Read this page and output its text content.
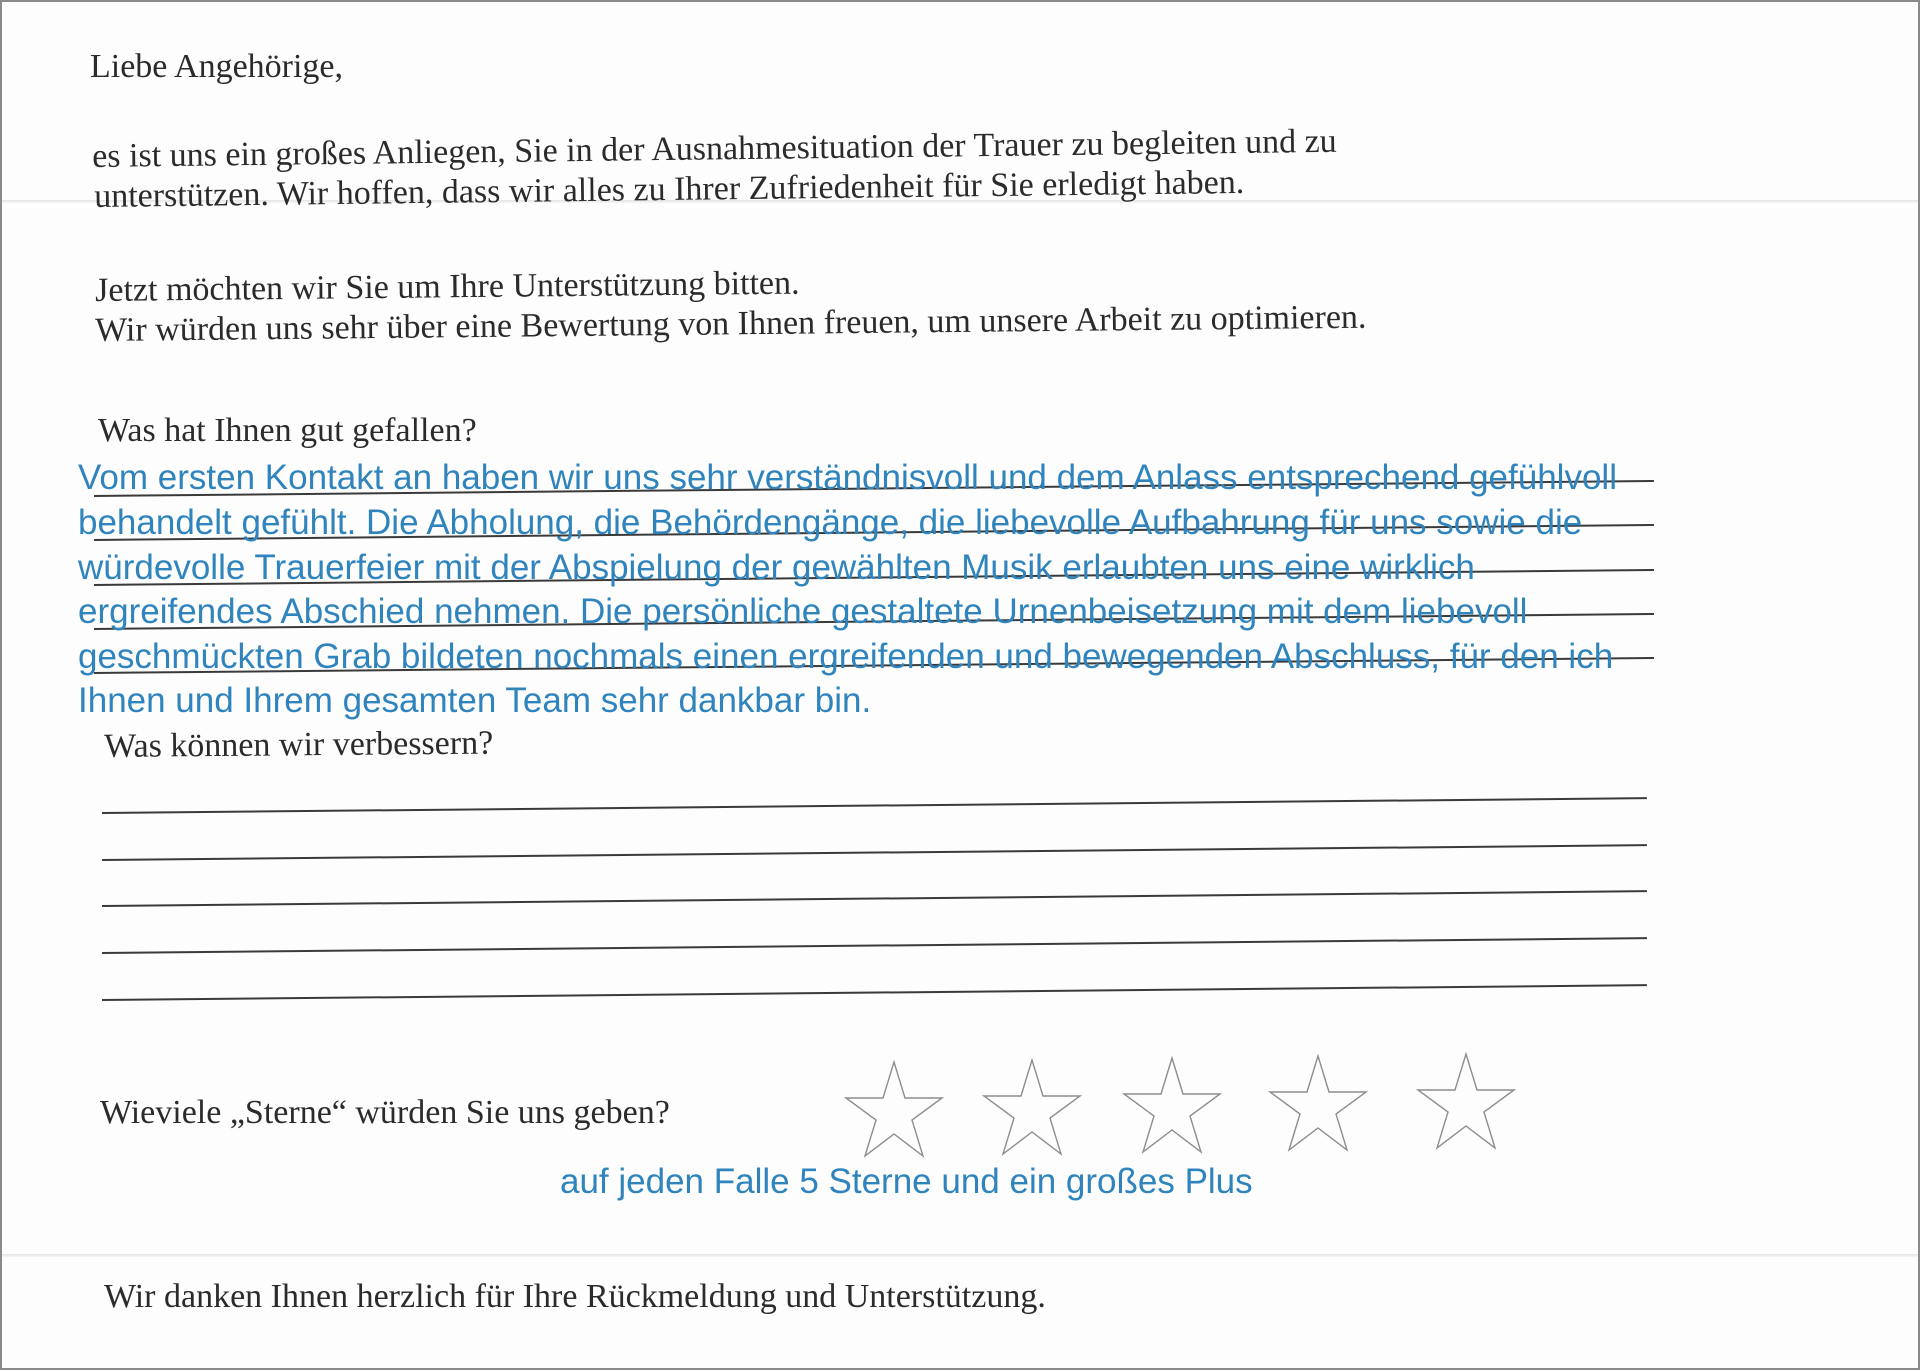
Liebe Angehörige,
es ist uns ein großes Anliegen, Sie in der Ausnahmesituation der Trauer zu begleiten und zu
unterstützen. Wir hoffen, dass wir alles zu Ihrer Zufriedenheit für Sie erledigt haben.
Jetzt möchten wir Sie um Ihre Unterstützung bitten.
Wir würden uns sehr über eine Bewertung von Ihnen freuen, um unsere Arbeit zu optimieren.
Was hat Ihnen gut gefallen?
Vom ersten Kontakt an haben wir uns sehr verständnisvoll und dem Anlass entsprechend gefühlvoll
behandelt gefühlt. Die Abholung, die Behördengänge, die liebevolle Aufbahrung für uns sowie die
würdevolle Trauerfeier mit der Abspielung der gewählten Musik erlaubten uns eine wirklich
ergreifendes Abschied nehmen. Die persönliche gestaltete Urnenbeisetzung mit dem liebevoll
geschmückten Grab bildeten nochmals einen ergreifenden und bewegenden Abschluss, für den ich
Ihnen und Ihrem gesamten Team sehr dankbar bin.
Was können wir verbessern?
Wieviele „Sterne“ würden Sie uns geben?
auf jeden Falle 5 Sterne und ein großes Plus
Wir danken Ihnen herzlich für Ihre Rückmeldung und Unterstützung.
